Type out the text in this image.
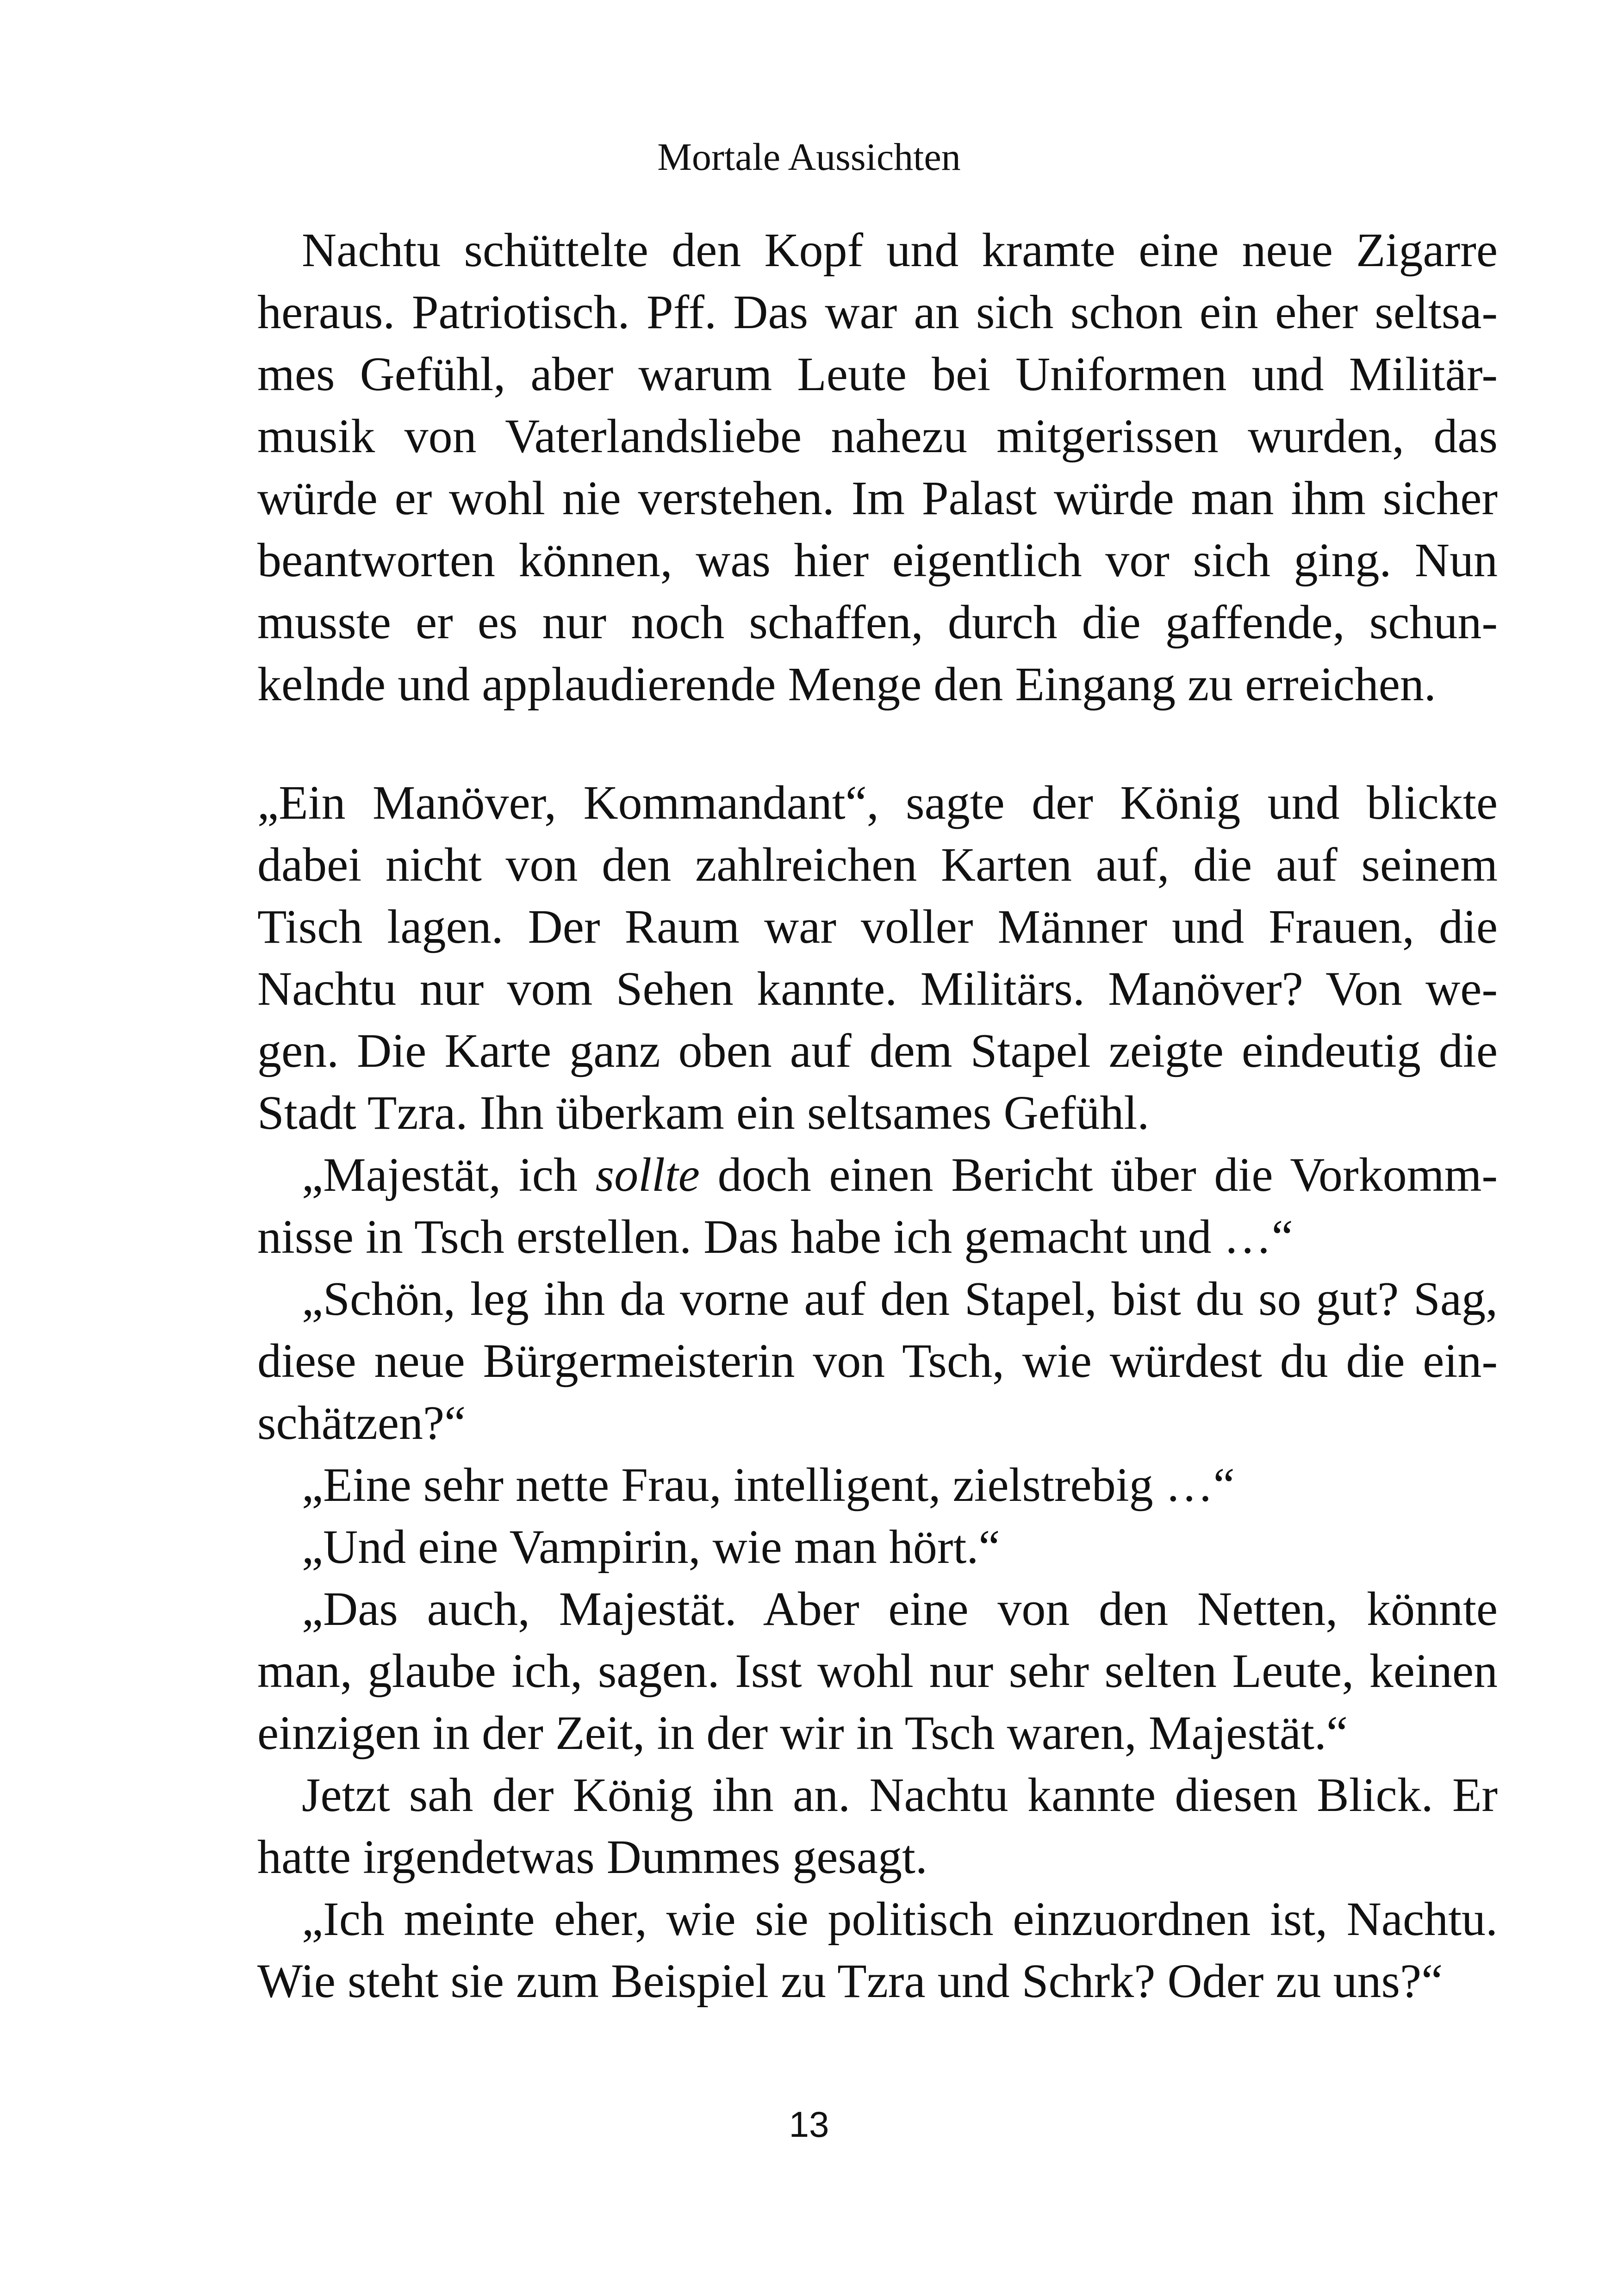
Mortale Aussichten
Nachtu schüttelte den Kopf und kramte eine neue Zigarre
heraus. Patriotisch. Pff. Das war an sich schon ein eher seltsa-
mes Gefühl, aber warum Leute bei Uniformen und Militär-
musik von Vaterlandsliebe nahezu mitgerissen wurden, das
würde er wohl nie verstehen. Im Palast würde man ihm sicher
beantworten können, was hier eigentlich vor sich ging. Nun
musste er es nur noch schaffen, durch die gaffende, schun-
kelnde und applaudierende Menge den Eingang zu erreichen.
„Ein Manöver, Kommandant“, sagte der König und blickte
dabei nicht von den zahlreichen Karten auf, die auf seinem
Tisch lagen. Der Raum war voller Männer und Frauen, die
Nachtu nur vom Sehen kannte. Militärs. Manöver? Von we-
gen. Die Karte ganz oben auf dem Stapel zeigte eindeutig die
Stadt Tzra. Ihn überkam ein seltsames Gefühl.
„Majestät, ich sollte doch einen Bericht über die Vorkomm-
nisse in Tsch erstellen. Das habe ich gemacht und …“
„Schön, leg ihn da vorne auf den Stapel, bist du so gut? Sag,
diese neue Bürgermeisterin von Tsch, wie würdest du die ein-
schätzen?“
„Eine sehr nette Frau, intelligent, zielstrebig …“
„Und eine Vampirin, wie man hört.“
„Das auch, Majestät. Aber eine von den Netten, könnte
man, glaube ich, sagen. Isst wohl nur sehr selten Leute, keinen
einzigen in der Zeit, in der wir in Tsch waren, Majestät.“
Jetzt sah der König ihn an. Nachtu kannte diesen Blick. Er
hatte irgendetwas Dummes gesagt.
„Ich meinte eher, wie sie politisch einzuordnen ist, Nachtu.
Wie steht sie zum Beispiel zu Tzra und Schrk? Oder zu uns?“
13
